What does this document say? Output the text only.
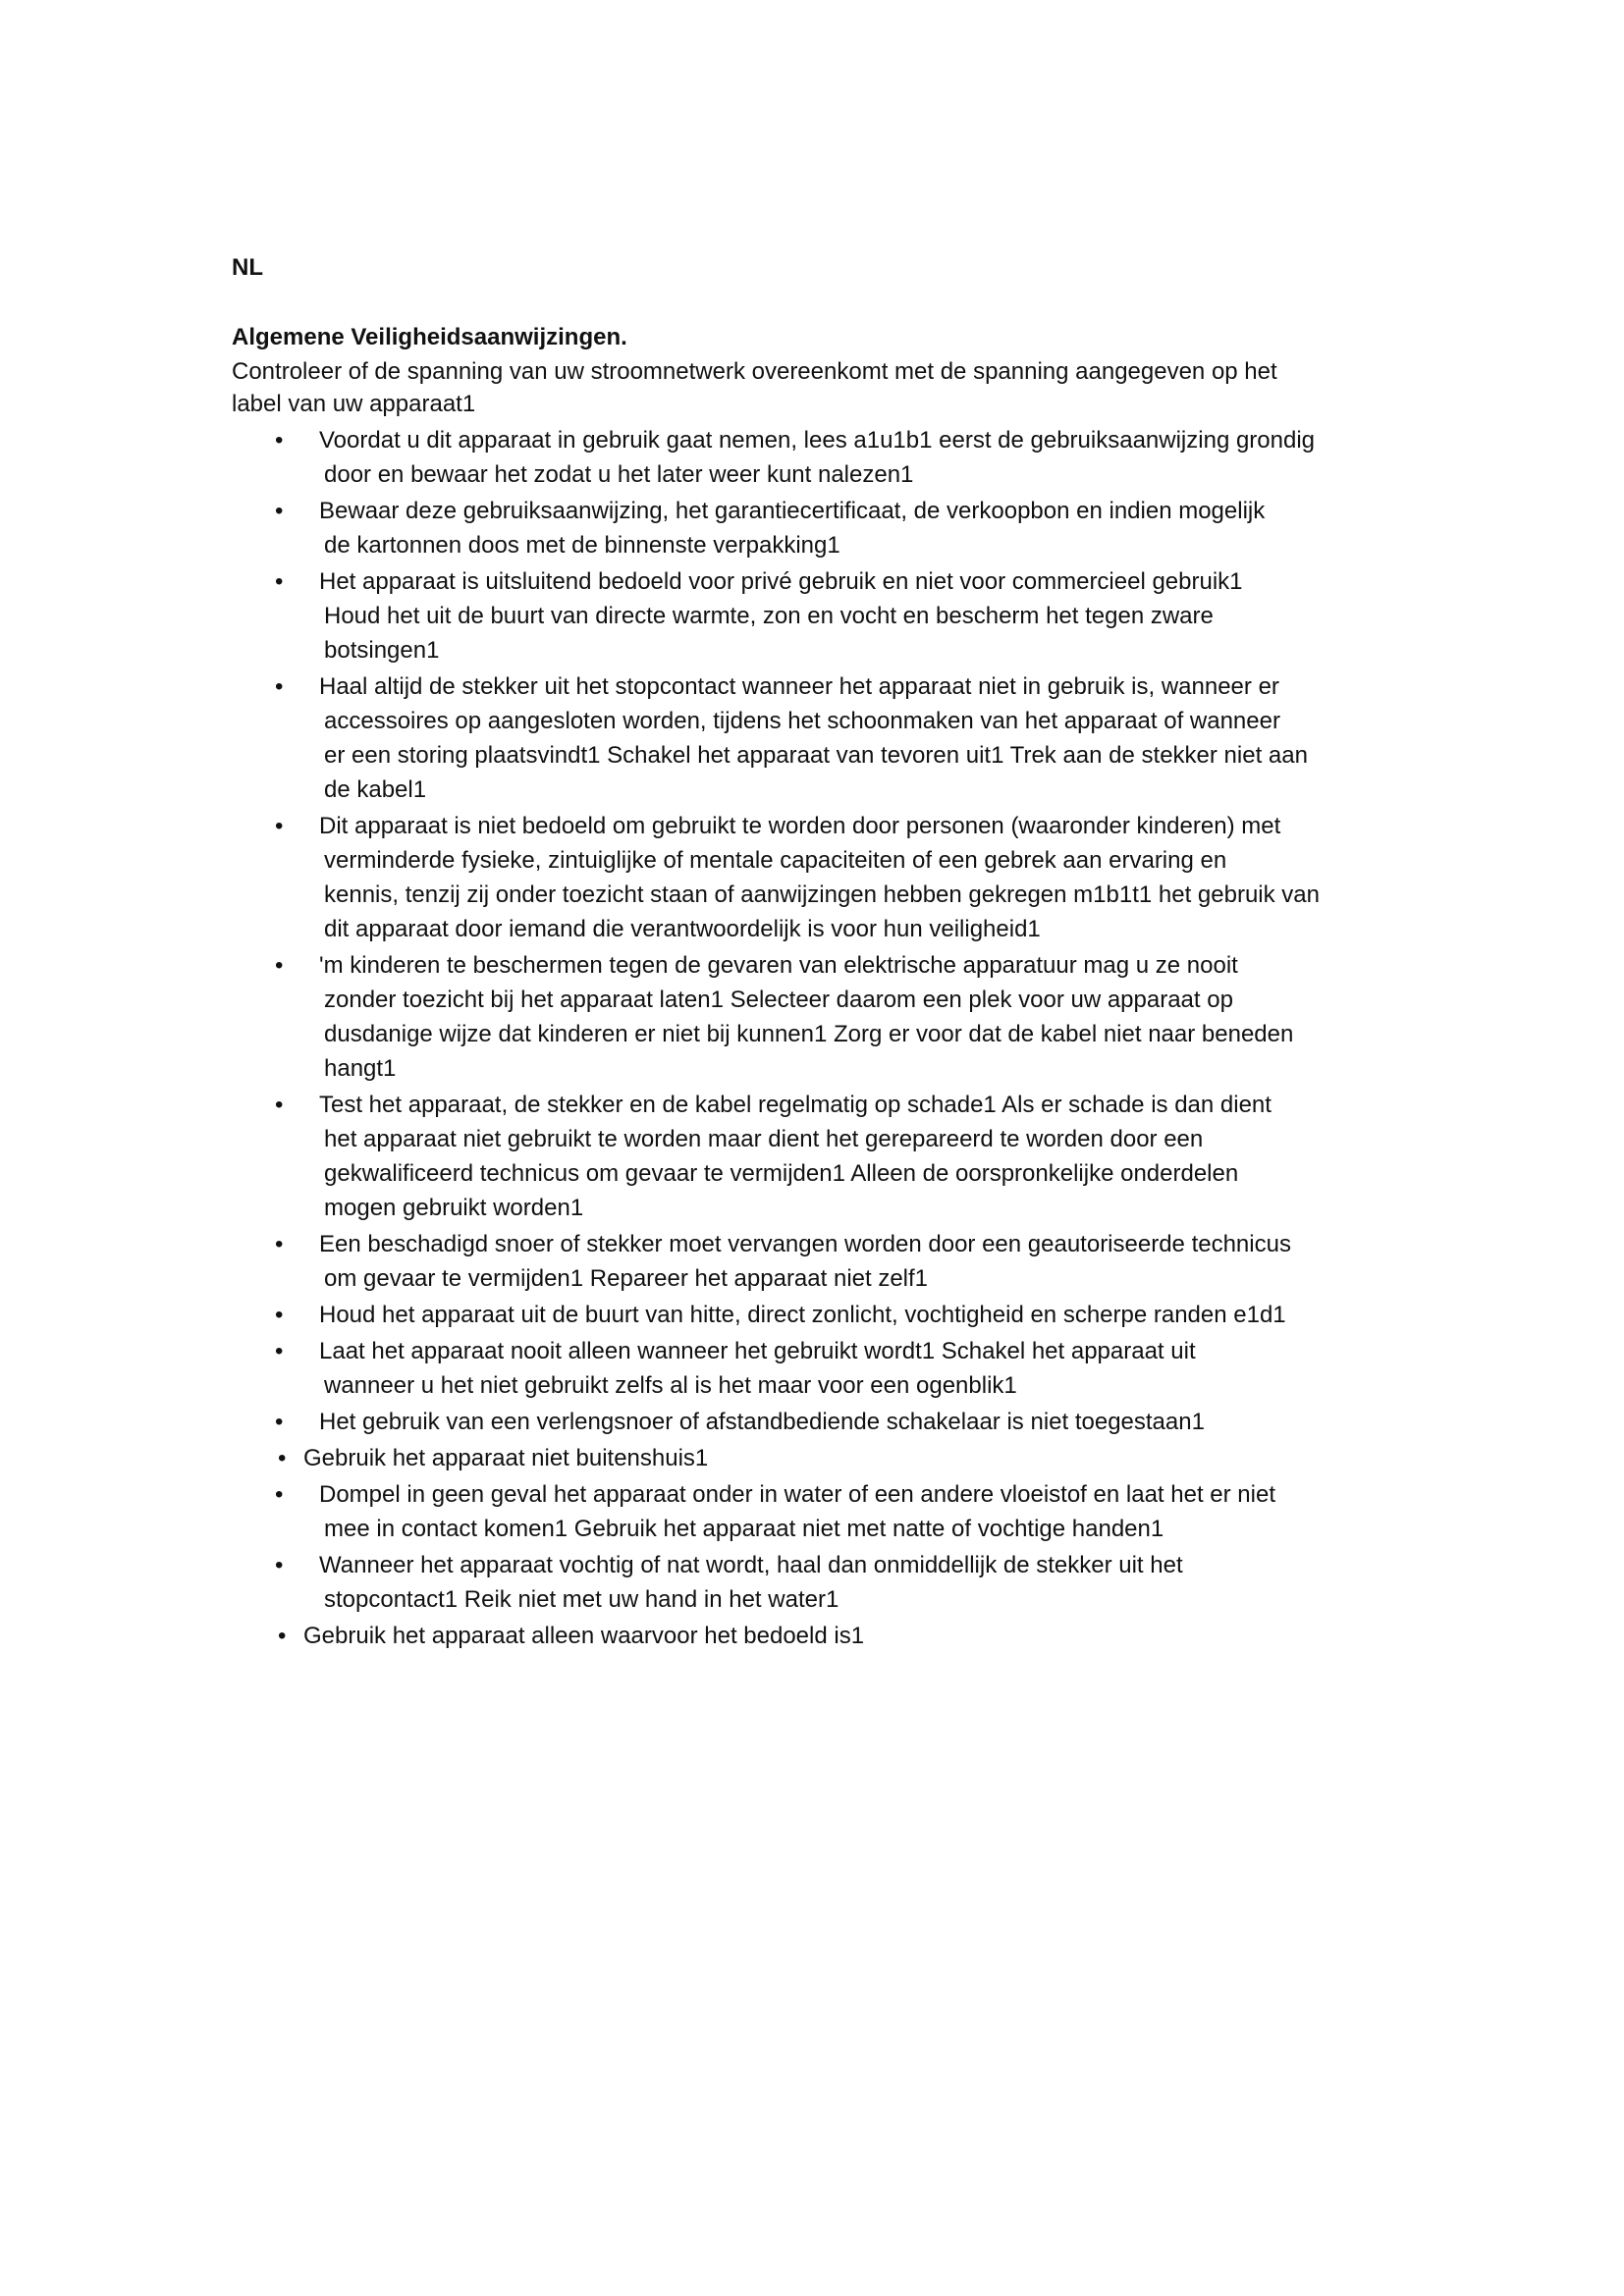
NL

Algemene Veiligheidsaanwijzingen.

Controleer of de spanning van uw stroomnetwerk overeenkomt met de spanning aangegeven op het
label van uw apparaat1

•	Voordat u dit apparaat in gebruik gaat nemen, lees a1u1b1 eerst de gebruiksaanwijzing grondig
door en bewaar het zodat u het later weer kunt nalezen1
•	Bewaar deze gebruiksaanwijzing, het garantiecertificaat, de verkoopbon en indien mogelijk
de kartonnen doos met de binnenste verpakking1
•	Het apparaat is uitsluitend bedoeld voor privé gebruik en niet voor commercieel gebruik1
Houd het uit de buurt van directe warmte, zon en vocht en bescherm het tegen zware
botsingen1
•	Haal altijd de stekker uit het stopcontact wanneer het apparaat niet in gebruik is, wanneer er
accessoires op aangesloten worden, tijdens het schoonmaken van het apparaat of wanneer
er een storing plaatsvindt1 Schakel het apparaat van tevoren uit1 Trek aan de stekker niet aan
de kabel1
•	Dit apparaat is niet bedoeld om gebruikt te worden door personen (waaronder kinderen) met
verminderde fysieke, zintuiglijke of mentale capaciteiten of een gebrek aan ervaring en
kennis, tenzij zij onder toezicht staan of aanwijzingen hebben gekregen m1b1t1 het gebruik van
dit apparaat door iemand die verantwoordelijk is voor hun veiligheid1
•	'm kinderen te beschermen tegen de gevaren van elektrische apparatuur mag u ze nooit
zonder toezicht bij het apparaat laten1 Selecteer daarom een plek voor uw apparaat op
dusdanige wijze dat kinderen er niet bij kunnen1 Zorg er voor dat de kabel niet naar beneden
hangt1
•	Test het apparaat, de stekker en de kabel regelmatig op schade1 Als er schade is dan dient
het apparaat niet gebruikt te worden maar dient het gerepareerd te worden door een
gekwalificeerd technicus om gevaar te vermijden1 Alleen de oorspronkelijke onderdelen
mogen gebruikt worden1
•	Een beschadigd snoer of stekker moet vervangen worden door een geautoriseerde technicus
om gevaar te vermijden1 Repareer het apparaat niet zelf1
•	Houd het apparaat uit de buurt van hitte, direct zonlicht, vochtigheid en scherpe randen e1d1
•	Laat het apparaat nooit alleen wanneer het gebruikt wordt1 Schakel het apparaat uit
wanneer u het niet gebruikt zelfs al is het maar voor een ogenblik1
•	Het gebruik van een verlengsnoer of afstandbediende schakelaar is niet toegestaan1
• Gebruik het apparaat niet buitenshuis1
•	Dompel in geen geval het apparaat onder in water of een andere vloeistof en laat het er niet
mee in contact komen1 Gebruik het apparaat niet met natte of vochtige handen1
•	Wanneer het apparaat vochtig of nat wordt, haal dan onmiddellijk de stekker uit het
stopcontact1 Reik niet met uw hand in het water1
• Gebruik het apparaat alleen waarvoor het bedoeld is1
